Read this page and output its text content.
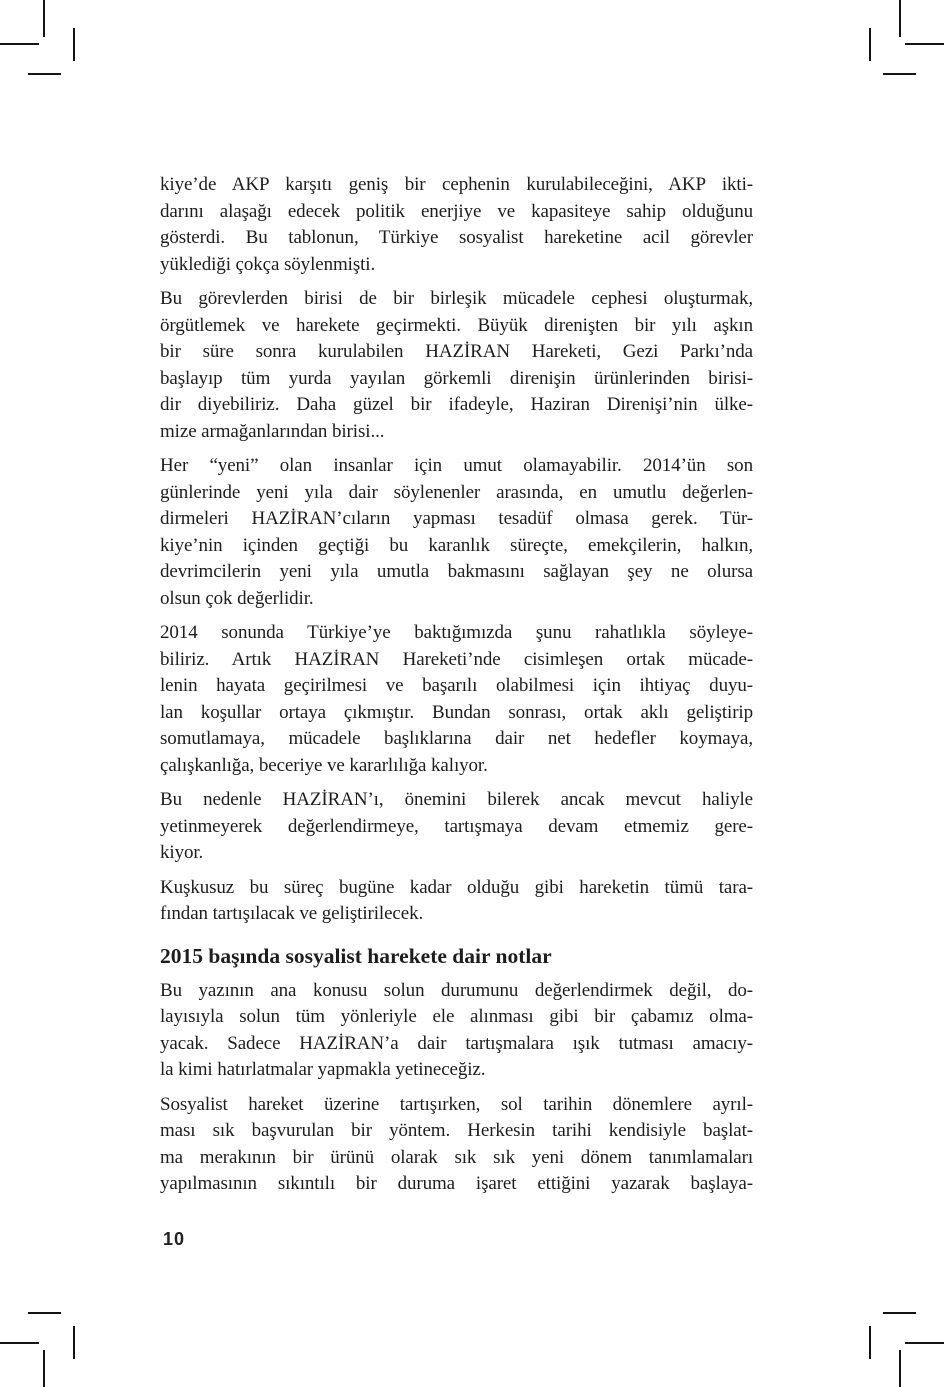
kiye’de AKP karşıtı geniş bir cephenin kurulabileceğini, AKP ikti-
darını alaşağı edecek politik enerjiye ve kapasiteye sahip olduğunu
gösterdi. Bu tablonun, Türkiye sosyalist hareketine acil görevler
yüklediği çokça söylenmişti.
Bu görevlerden birisi de bir birleşik mücadele cephesi oluşturmak,
örgütlemek ve harekete geçirmekti. Büyük direnişten bir yılı aşkın
bir süre sonra kurulabilen HAZİRAN Hareketi, Gezi Parkı’nda
başlayıp tüm yurda yayılan görkemli direnişin ürünlerinden birisi-
dir diyebiliriz. Daha güzel bir ifadeyle, Haziran Direnişi’nin ülke-
mize armağanlarından birisi...
Her “yeni” olan insanlar için umut olamayabilir. 2014’ün son
günlerinde yeni yıla dair söylenenler arasında, en umutlu değerlen-
dirmeleri HAZİRAN’cıların yapması tesadüf olmasa gerek. Tür-
kiye’nin içinden geçtiği bu karanlık süreçte, emekçilerin, halkın,
devrimcilerin yeni yıla umutla bakmasını sağlayan şey ne olursa
olsun çok değerlidir.
2014 sonunda Türkiye’ye baktığımızda şunu rahatlıkla söyleye-
biliriz. Artık HAZİRAN Hareketi’nde cisimleşen ortak mücade-
lenin hayata geçirilmesi ve başarılı olabilmesi için ihtiyaç duyu-
lan koşullar ortaya çıkmıştır. Bundan sonrası, ortak aklı geliştirip
somutlamaya, mücadele başlıklarına dair net hedefler koymaya,
çalışkanlığa, beceriye ve kararlılığa kalıyor.
Bu nedenle HAZİRAN’ı, önemini bilerek ancak mevcut haliyle
yetinmeyerek değerlendirmeye, tartışmaya devam etmemiz gere-
kiyor.
Kuşkusuz bu süreç bugüne kadar olduğu gibi hareketin tümü tara-
fından tartışılacak ve geliştirilecek.
2015 başında sosyalist harekete dair notlar
Bu yazının ana konusu solun durumunu değerlendirmek değil, do-
layısıyla solun tüm yönleriyle ele alınması gibi bir çabamız olma-
yacak. Sadece HAZİRAN’a dair tartışmalara ışık tutması amacıy-
la kimi hatırlatmalar yapmakla yetineceğiz.
Sosyalist hareket üzerine tartışırken, sol tarihin dönemlere ayrıl-
ması sık başvurulan bir yöntem. Herkesin tarihi kendisiyle başlat-
ma merakının bir ürünü olarak sık sık yeni dönem tanımlamaları
yapılmasının sıkıntılı bir duruma işaret ettiğini yazarak başlaya-
10
